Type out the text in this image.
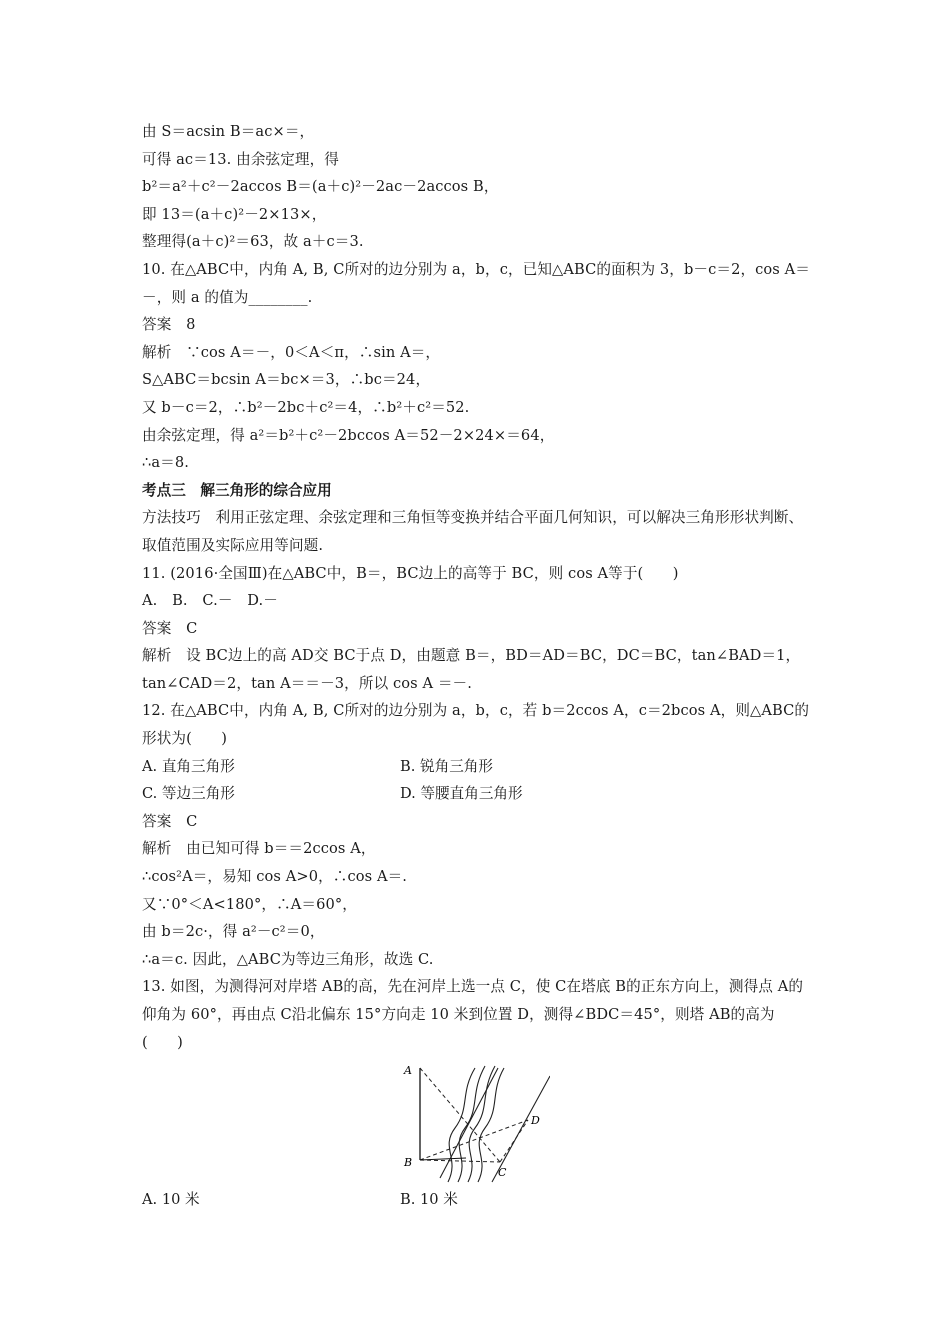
由 S＝acsin B＝ac×＝，
可得 ac＝13. 由余弦定理，得
b²＝a²＋c²－2accos B＝(a＋c)²－2ac－2accos B，
即 13＝(a＋c)²－2×13×，
整理得(a＋c)²＝63，故 a＋c＝3.
10. 在△ABC中，内角 A, B, C所对的边分别为 a，b，c，已知△ABC的面积为 3，b－c＝2，cos A＝－，则 a 的值为________.
答案　8
解析　∵cos A＝－，0＜A＜π，∴sin A＝，
S△ABC＝bcsin A＝bc×＝3，∴bc＝24，
又 b－c＝2，∴b²－2bc＋c²＝4，∴b²＋c²＝52.
由余弦定理，得 a²＝b²＋c²－2bccos A＝52－2×24×＝64，
∴a＝8.
考点三　解三角形的综合应用
方法技巧　利用正弦定理、余弦定理和三角恒等变换并结合平面几何知识，可以解决三角形形状判断、取值范围及实际应用等问题.
11. (2016·全国Ⅲ)在△ABC中，B＝，BC边上的高等于 BC，则 cos A等于(　　)
A.　B.　C.－　D.－
答案　C
解析　设 BC边上的高 AD交 BC于点 D，由题意 B＝，BD＝AD＝BC，DC＝BC，tan∠BAD＝1，tan∠CAD＝2，tan A＝＝－3，所以 cos A ＝－.
12. 在△ABC中，内角 A, B, C所对的边分别为 a，b，c，若 b＝2ccos A，c＝2bcos A，则△ABC的形状为(　　)
A. 直角三角形	B. 锐角三角形
C. 等边三角形	D. 等腰直角三角形
答案　C
解析　由已知可得 b＝＝2ccos A，
∴cos²A＝，易知 cos A>0，∴cos A＝.
又∵0°＜A<180°，∴A＝60°，
由 b＝2c·，得 a²－c²＝0，
∴a＝c. 因此，△ABC为等边三角形，故选 C.
13. 如图，为测得河对岸塔 AB的高，先在河岸上选一点 C，使 C在塔底 B的正东方向上，测得点 A的仰角为 60°，再由点 C沿北偏东 15°方向走 10 米到位置 D，测得∠BDC＝45°，则塔 AB的高为(　　)
A
B
C
D
A. 10 米	B. 10 米
